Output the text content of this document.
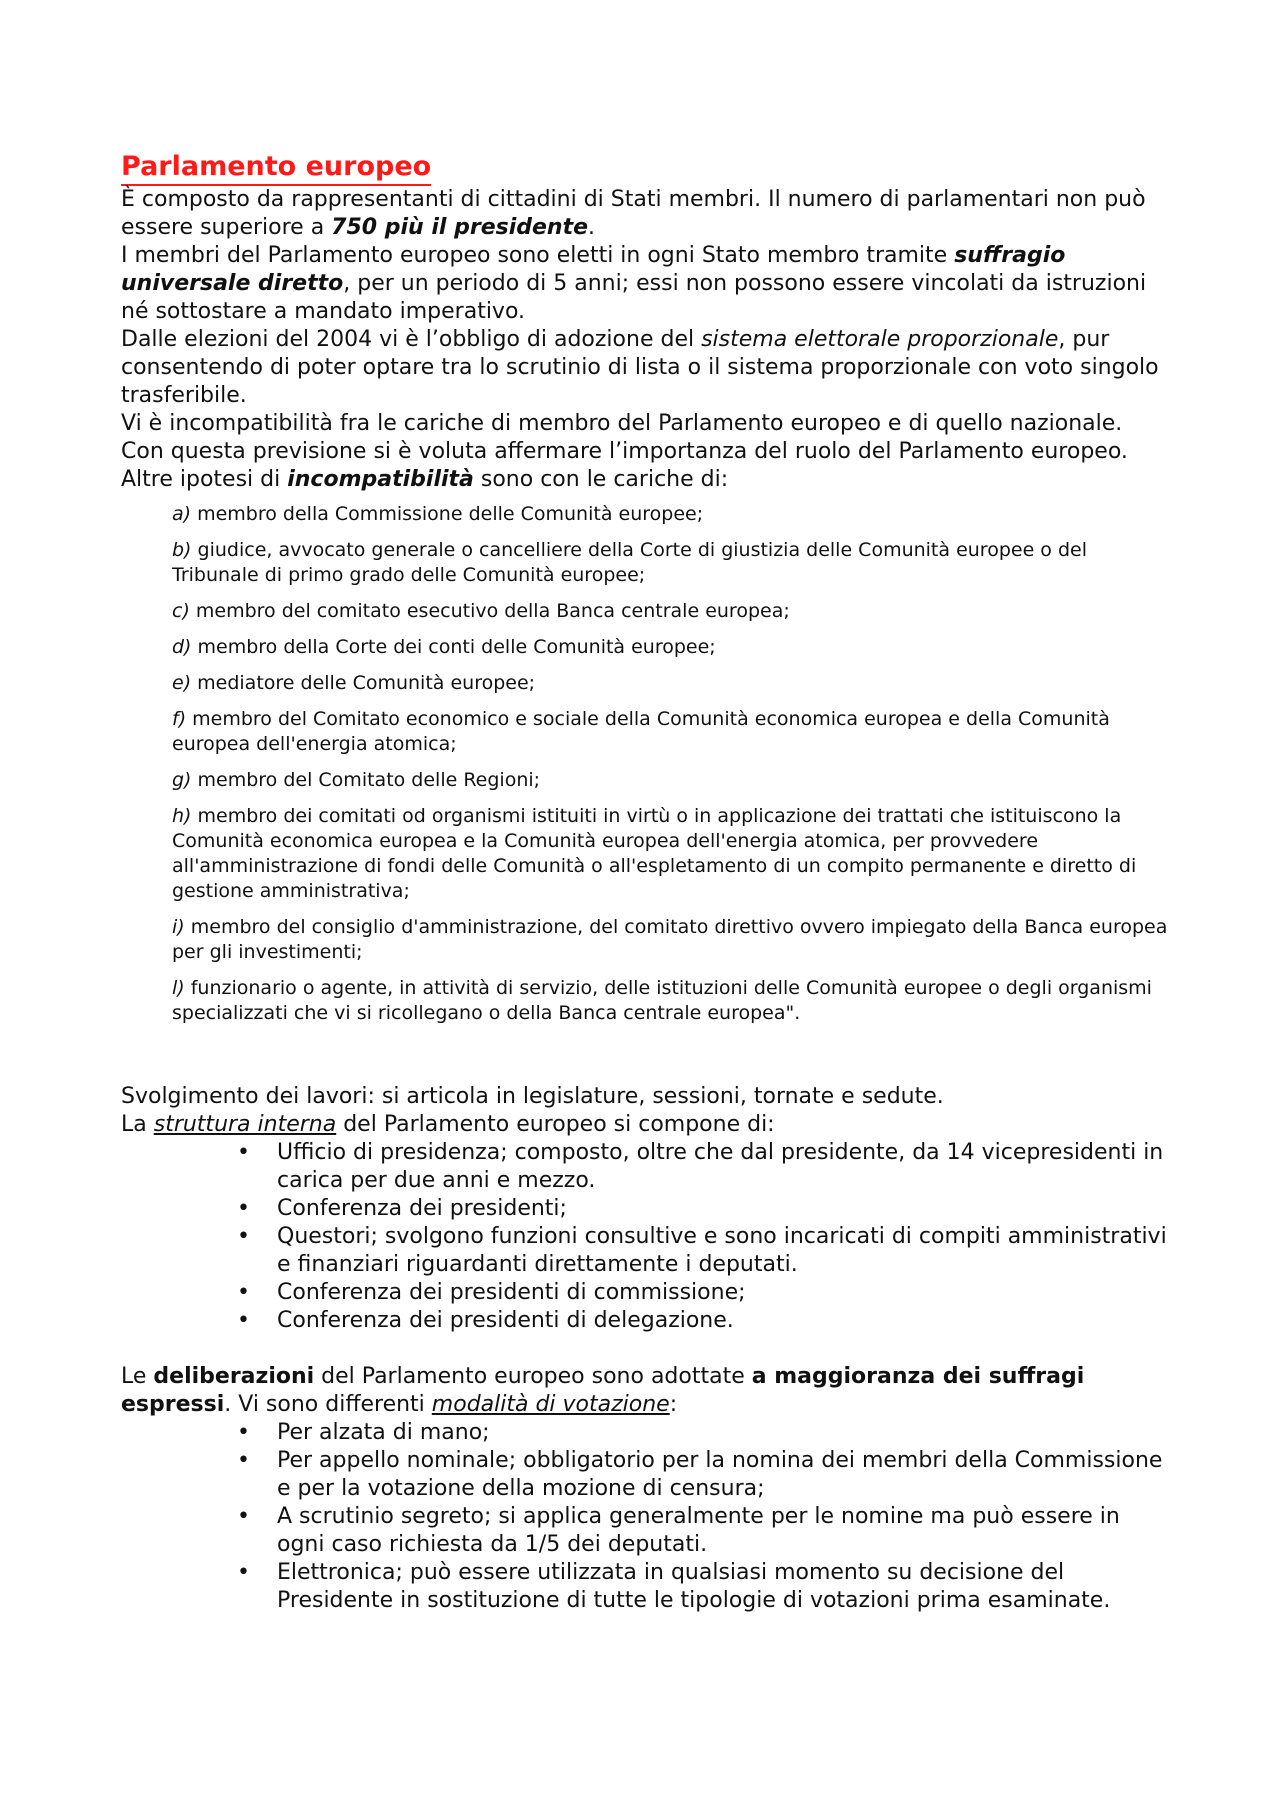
Parlamento europeo

È composto da rappresentanti di cittadini di Stati membri. Il numero di parlamentari non può essere superiore a 750 più il presidente.

I membri del Parlamento europeo sono eletti in ogni Stato membro tramite suffragio universale diretto, per un periodo di 5 anni; essi non possono essere vincolati da istruzioni né sottostare a mandato imperativo.

Dalle elezioni del 2004 vi è l’obbligo di adozione del sistema elettorale proporzionale, pur consentendo di poter optare tra lo scrutinio di lista o il sistema proporzionale con voto singolo trasferibile.

Vi è incompatibilità fra le cariche di membro del Parlamento europeo e di quello nazionale. Con questa previsione si è voluta affermare l’importanza del ruolo del Parlamento europeo. Altre ipotesi di incompatibilità sono con le cariche di:

a) membro della Commissione delle Comunità europee;
b) giudice, avvocato generale o cancelliere della Corte di giustizia delle Comunità europee o del Tribunale di primo grado delle Comunità europee;
c) membro del comitato esecutivo della Banca centrale europea;
d) membro della Corte dei conti delle Comunità europee;
e) mediatore delle Comunità europee;
f) membro del Comitato economico e sociale della Comunità economica europea e della Comunità europea dell'energia atomica;
g) membro del Comitato delle Regioni;
h) membro dei comitati od organismi istituiti in virtù o in applicazione dei trattati che istituiscono la Comunità economica europea e la Comunità europea dell'energia atomica, per provvedere all'amministrazione di fondi delle Comunità o all'espletamento di un compito permanente e diretto di gestione amministrativa;
i) membro del consiglio d'amministrazione, del comitato direttivo ovvero impiegato della Banca europea per gli investimenti;
l) funzionario o agente, in attività di servizio, delle istituzioni delle Comunità europee o degli organismi specializzati che vi si ricollegano o della Banca centrale europea".

Svolgimento dei lavori: si articola in legislature, sessioni, tornate e sedute.

La struttura interna del Parlamento europeo si compone di:

• Ufficio di presidenza; composto, oltre che dal presidente, da 14 vicepresidenti in carica per due anni e mezzo.
• Conferenza dei presidenti;
• Questori; svolgono funzioni consultive e sono incaricati di compiti amministrativi e finanziari riguardanti direttamente i deputati.
• Conferenza dei presidenti di commissione;
• Conferenza dei presidenti di delegazione.

Le deliberazioni del Parlamento europeo sono adottate a maggioranza dei suffragi espressi. Vi sono differenti modalità di votazione:

• Per alzata di mano;
• Per appello nominale; obbligatorio per la nomina dei membri della Commissione e per la votazione della mozione di censura;
• A scrutinio segreto; si applica generalmente per le nomine ma può essere in ogni caso richiesta da 1/5 dei deputati.
• Elettronica; può essere utilizzata in qualsiasi momento su decisione del Presidente in sostituzione di tutte le tipologie di votazioni prima esaminate.
